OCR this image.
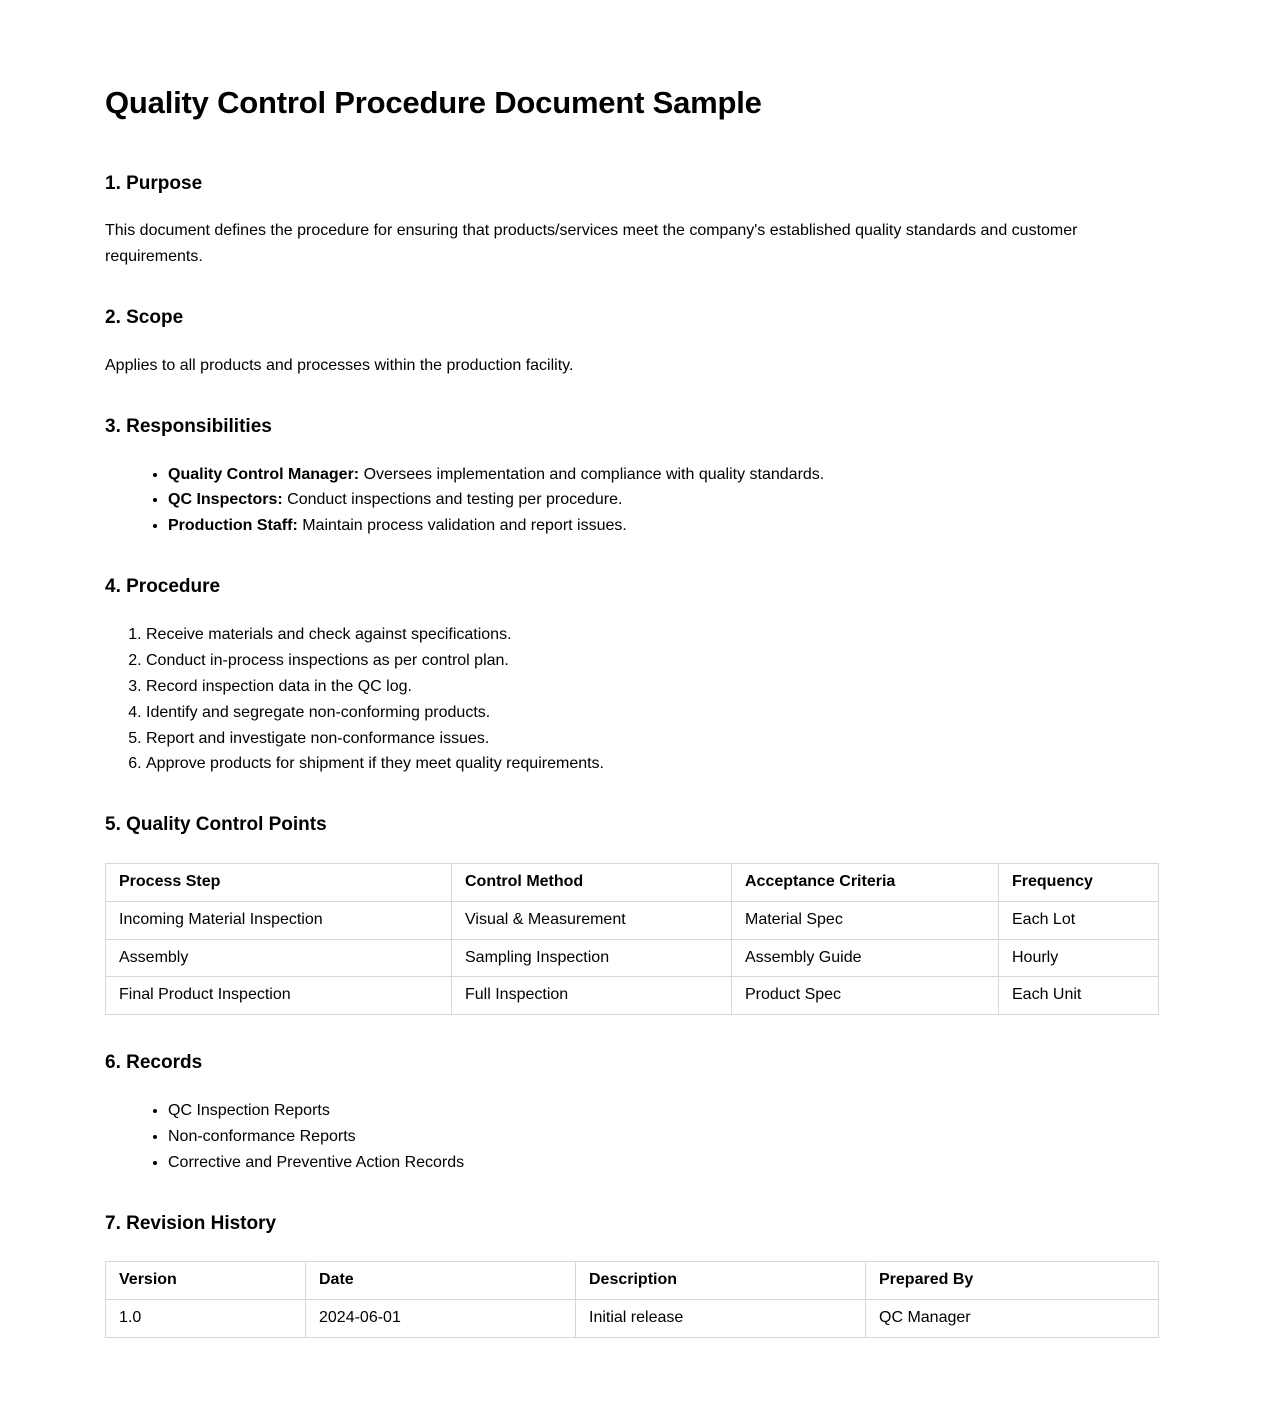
Quality Control Procedure Document Sample
1. Purpose

This document defines the procedure for ensuring that products/services meet the company's established quality standards and customer requirements.

2. Scope

Applies to all products and processes within the production facility.

3. Responsibilities
• Quality Control Manager: Oversees implementation and compliance with quality standards.
• QC Inspectors: Conduct inspections and testing per procedure.
• Production Staff: Maintain process validation and report issues.
4. Procedure
1. Receive materials and check against specifications.
2. Conduct in-process inspections as per control plan.
3. Record inspection data in the QC log.
4. Identify and segregate non-conforming products.
5. Report and investigate non-conformance issues.
6. Approve products for shipment if they meet quality requirements.
5. Quality Control Points
Process Step	Control Method	Acceptance Criteria	Frequency
Incoming Material Inspection	Visual & Measurement	Material Spec	Each Lot
Assembly	Sampling Inspection	Assembly Guide	Hourly
Final Product Inspection	Full Inspection	Product Spec	Each Unit
6. Records
• QC Inspection Reports
• Non-conformance Reports
• Corrective and Preventive Action Records
7. Revision History
Version	Date	Description	Prepared By
1.0	2024-06-01	Initial release	QC Manager
